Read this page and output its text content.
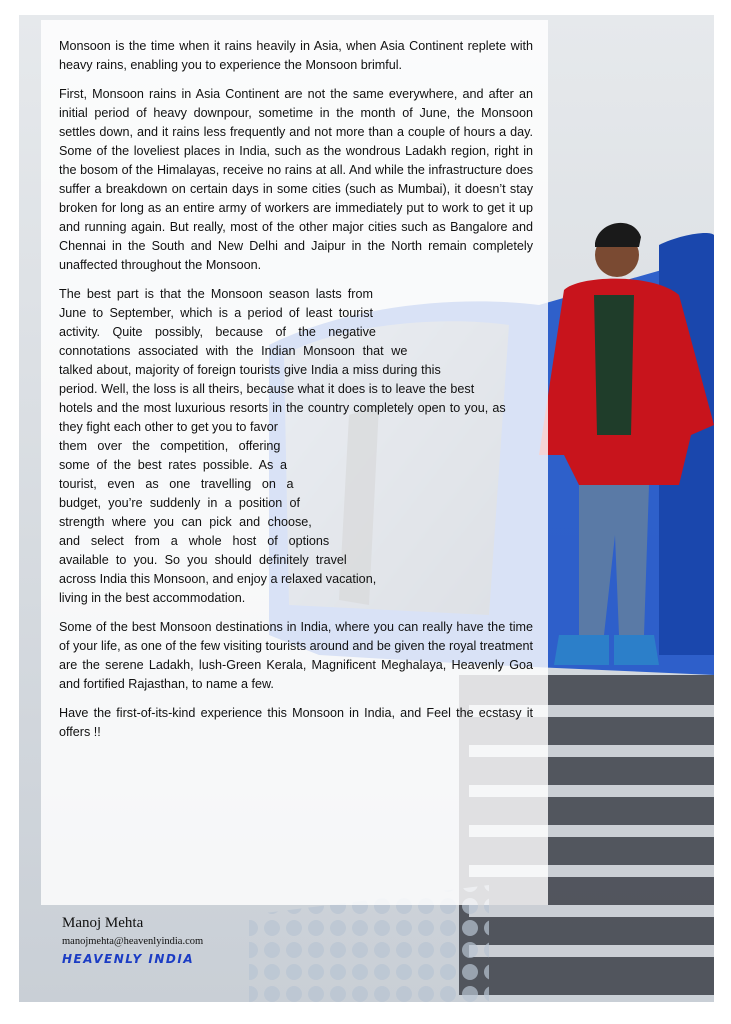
Monsoon is the time when it rains heavily in Asia, when Asia Continent replete with heavy rains, enabling you to experience the Monsoon brimful.

First, Monsoon rains in Asia Continent are not the same everywhere, and after an initial period of heavy downpour, sometime in the month of June, the Monsoon settles down, and it rains less frequently and not more than a couple of hours a day. Some of the loveliest places in India, such as the wondrous Ladakh region, right in the bosom of the Himalayas, receive no rains at all. And while the infrastructure does suffer a breakdown on certain days in some cities (such as Mumbai), it doesn’t stay broken for long as an entire army of workers are immediately put to work to get it up and running again. But really, most of the other major cities such as Bangalore and Chennai in the South and New Delhi and Jaipur in the North remain completely unaffected throughout the Monsoon.

The best part is that the Monsoon season lasts from June to September, which is a period of least tourist activity. Quite possibly, because of the negative connotations associated with the Indian Monsoon that we talked about, majority of foreign tourists give India a miss during this period. Well, the loss is all theirs, because what it does is to leave the best hotels and the most luxurious resorts in the country completely open to you, as they fight each other to get you to favor them over the competition, offering some of the best rates possible. As a tourist, even as one travelling on a budget, you’re suddenly in a position of strength where you can pick and choose, and select from a whole host of options available to you. So you should definitely travel across India this Monsoon, and enjoy a relaxed vacation, living in the best accommodation.

Some of the best Monsoon destinations in India, where you can really have the time of your life, as one of the few visiting tourists around and be given the royal treatment are the serene Ladakh, lush-Green Kerala, Magnificent Meghalaya, Heavenly Goa and fortified Rajasthan, to name a few.

Have the first-of-its-kind experience this Monsoon in India, and Feel the ecstasy it offers !!

Manoj Mehta
manojmehta@heavenlyindia.com
HEAVENLY INDIA
